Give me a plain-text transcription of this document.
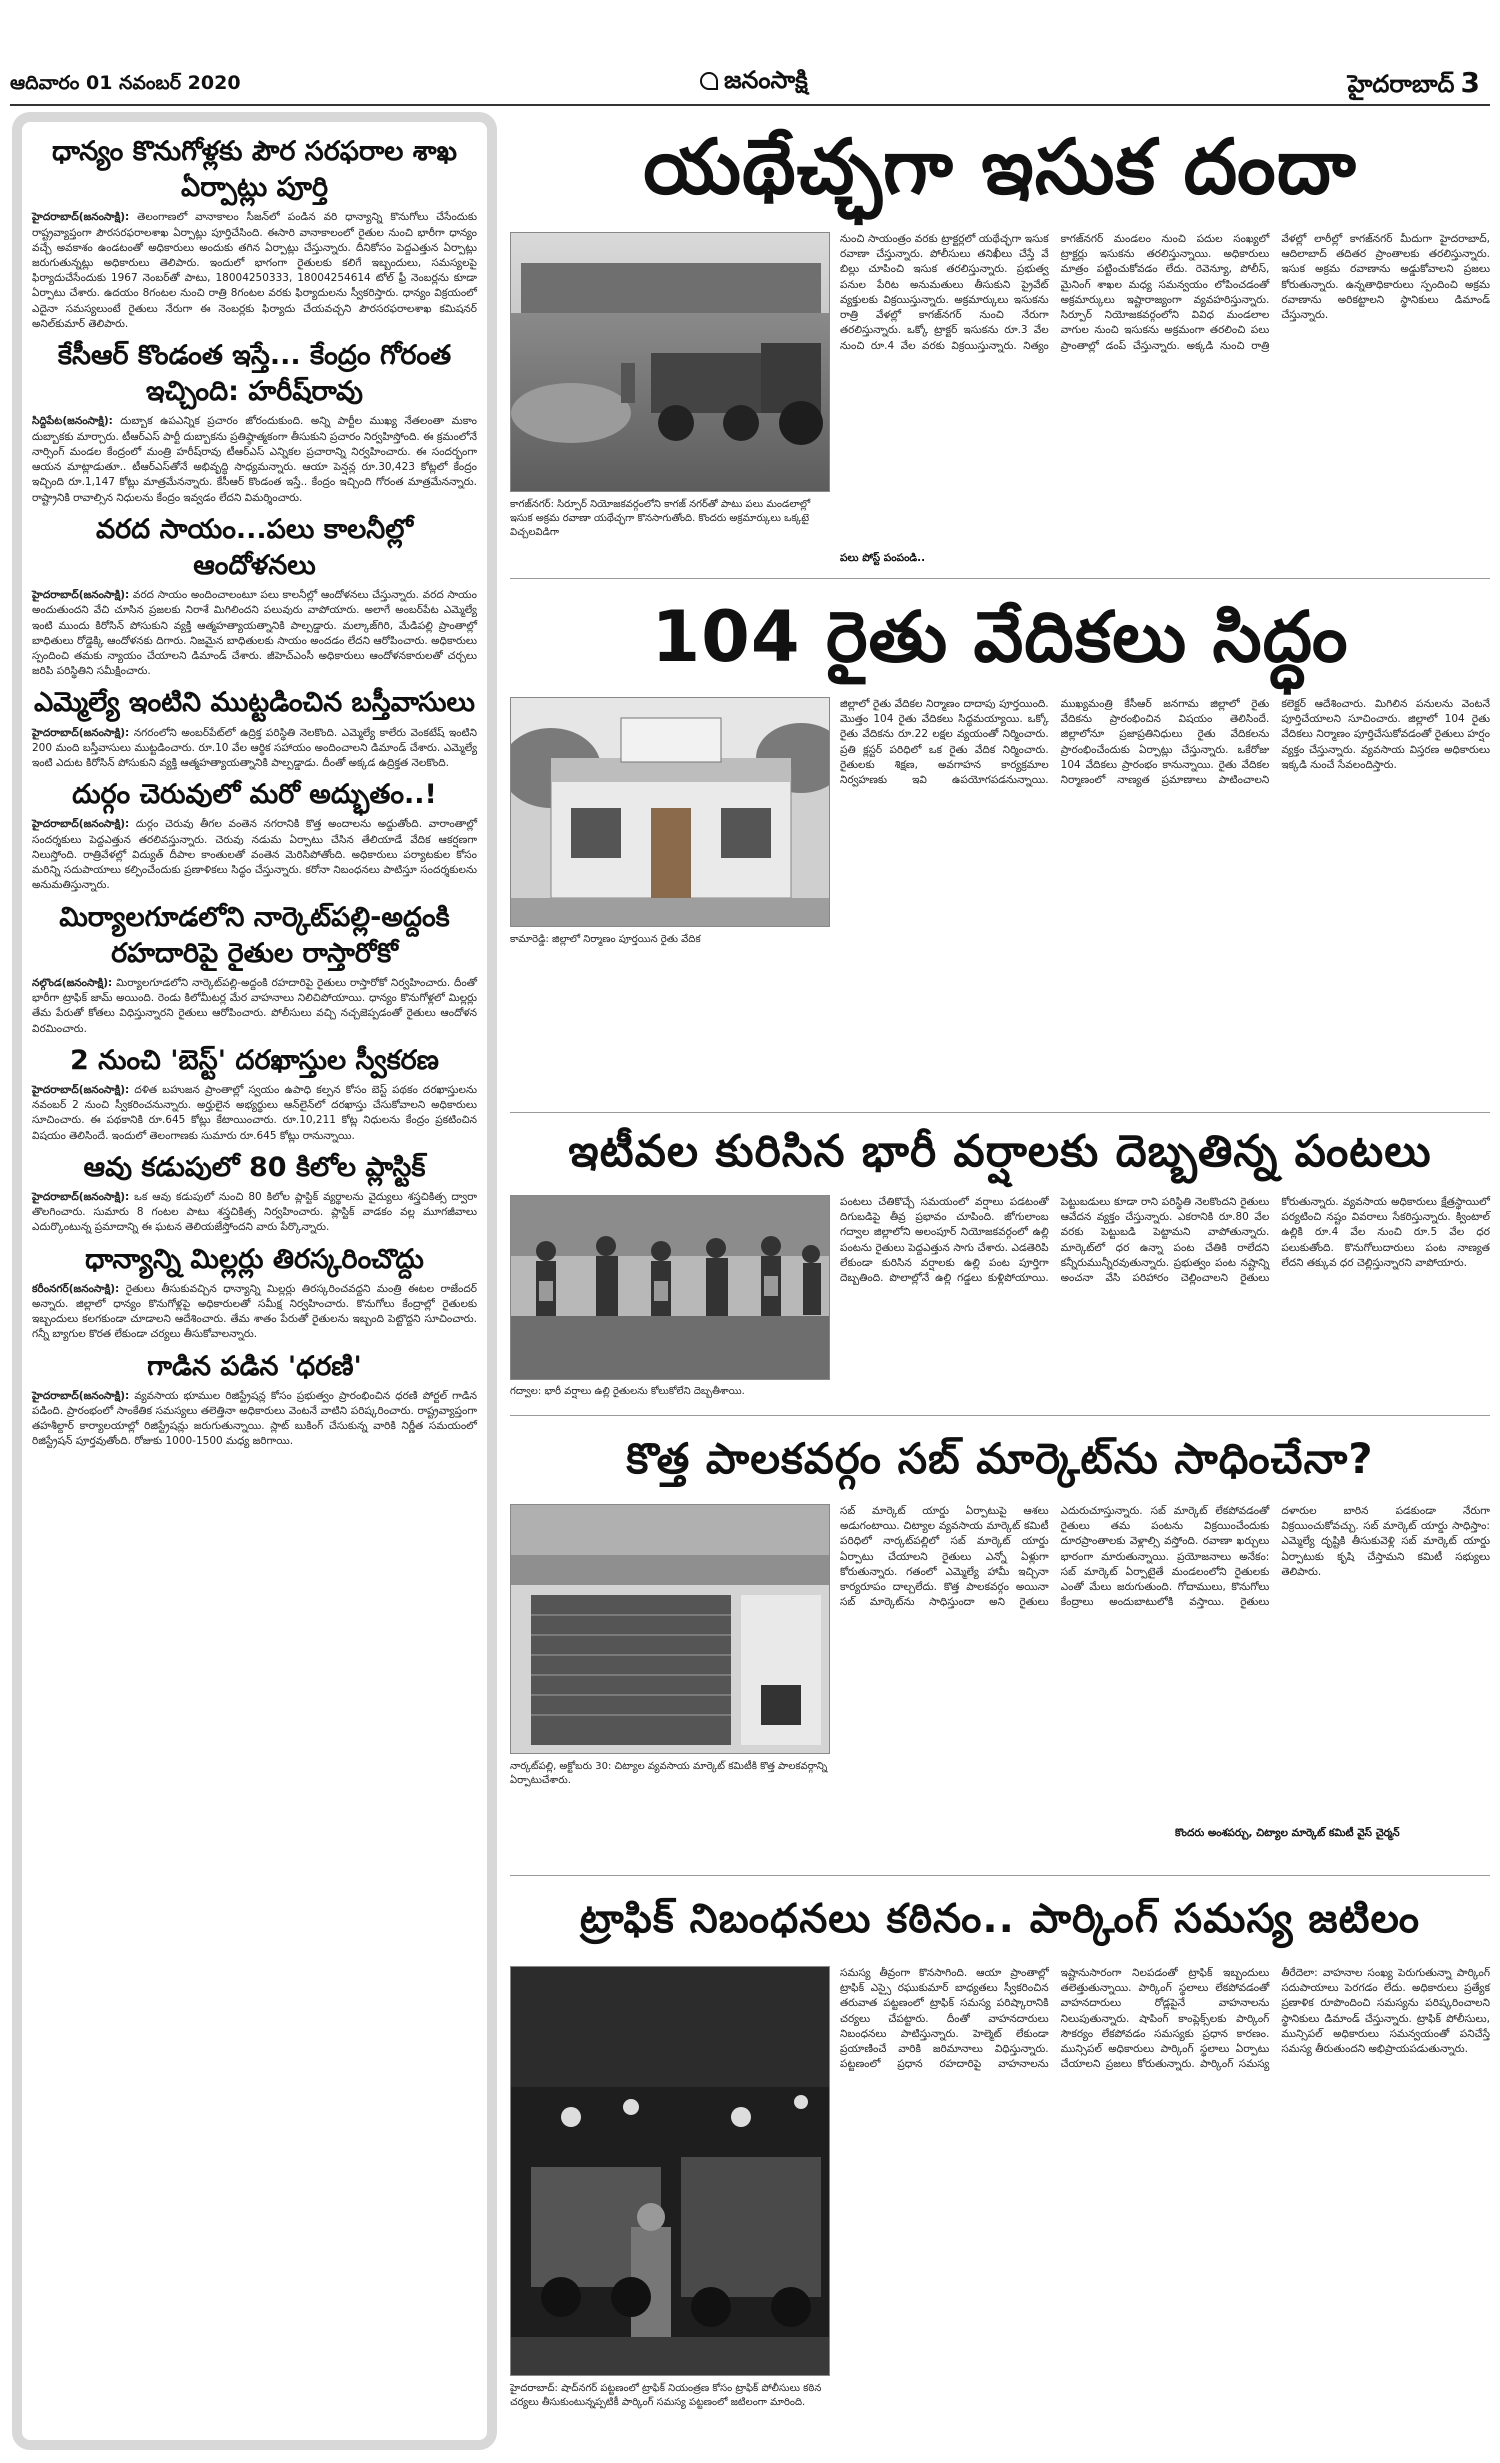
ఆదివారం 01 నవంబర్ 2020	జనంసాక్షి	హైదరాబాద్ 3
ధాన్యం కొనుగోళ్లకు పౌర సరఫరాల శాఖ ఏర్పాట్లు పూర్తి
హైదరాబాద్(జనంసాక్షి): తెలంగాణలో వానాకాలం సీజన్‌లో పండిన వరి ధాన్యాన్ని కొనుగోలు చేసేందుకు రాష్ట్రవ్యాప్తంగా పౌరసరఫరాలశాఖ ఏర్పాట్లు పూర్తిచేసింది. ఈసారి వానాకాలంలో రైతుల నుంచి భారీగా ధాన్యం వచ్చే అవకాశం ఉండటంతో అధికారులు అందుకు తగిన ఏర్పాట్లు చేస్తున్నారు. దీనికోసం పెద్దఎత్తున ఏర్పాట్లు జరుగుతున్నట్లు అధికారులు తెలిపారు. ఇందులో భాగంగా రైతులకు కలిగే ఇబ్బందులు, సమస్యలపై ఫిర్యాదుచేసేందుకు 1967 నెంబర్‌తో పాటు, 18004250333, 18004254614 టోల్ ఫ్రీ నెంబర్లను కూడా ఏర్పాటు చేశారు. ఉదయం 8గంటల నుంచి రాత్రి 8గంటల వరకు ఫిర్యాదులను స్వీకరిస్తారు. ధాన్యం విక్రయంలో ఎదైనా సమస్యలుంటే రైతులు నేరుగా ఈ నెంబర్లకు ఫిర్యాదు చేయవచ్చని పౌరసరఫరాలశాఖ కమిషనర్ అనిల్‌కుమార్ తెలిపారు.
కేసీఆర్ కొండంత ఇస్తే... కేంద్రం గోరంత ఇచ్చింది: హరీష్‌రావు
సిద్దిపేట(జనంసాక్షి): దుబ్బాక ఉపఎన్నిక ప్రచారం జోరందుకుంది. అన్ని పార్టీల ముఖ్య నేతలంతా మకాం దుబ్బాకకు మార్చారు. టీఆర్ఎస్ పార్టీ దుబ్బాకను ప్రతిష్ఠాత్మకంగా తీసుకుని ప్రచారం నిర్వహిస్తోంది. ఈ క్రమంలోనే నార్సింగ్ మండల కేంద్రంలో మంత్రి హరీష్‌రావు టీఆర్ఎస్ ఎన్నికల ప్రచారాన్ని నిర్వహించారు. ఈ సందర్భంగా ఆయన మాట్లాడుతూ.. టీఆర్ఎస్‌తోనే అభివృద్ధి సాధ్యమన్నారు. ఆయా పెన్షన్ల రూ.30,423 కోట్లలో కేంద్రం ఇచ్చింది రూ.1,147 కోట్లు మాత్రమేనన్నారు. కేసీఆర్ కొండంత ఇస్తే.. కేంద్రం ఇచ్చింది గోరంత మాత్రమేనన్నారు. రాష్ట్రానికి రావాల్సిన నిధులను కేంద్రం ఇవ్వడం లేదని విమర్శించారు.
వరద సాయం...పలు కాలనీల్లో ఆందోళనలు
హైదరాబాద్(జనంసాక్షి): వరద సాయం అందించాలంటూ పలు కాలనీల్లో ఆందోళనలు చేస్తున్నారు. వరద సాయం అందుతుందని వేచి చూసిన ప్రజలకు నిరాశే మిగిలిందని పలువురు వాపోయారు. అలాగే అంబర్‌పేట ఎమ్మెల్యే ఇంటి ముందు కిరోసిన్ పోసుకుని వ్యక్తి ఆత్మహత్యాయత్నానికి పాల్పడ్డారు. మల్కాజ్‌గిరి, మేడిపల్లి ప్రాంతాల్లో బాధితులు రోడ్డెక్కి ఆందోళనకు దిగారు. నిజమైన బాధితులకు సాయం అందడం లేదని ఆరోపించారు. అధికారులు స్పందించి తమకు న్యాయం చేయాలని డిమాండ్ చేశారు. జీహెచ్ఎంసీ అధికారులు ఆందోళనకారులతో చర్చలు జరిపి పరిస్థితిని సమీక్షించారు.
ఎమ్మెల్యే ఇంటిని ముట్టడించిన బస్తీవాసులు
హైదరాబాద్(జనంసాక్షి): నగరంలోని అంబర్‌పేట్‌లో ఉద్రిక్త పరిస్థితి నెలకొంది. ఎమ్మెల్యే కాలేరు వెంకటేష్ ఇంటిని 200 మంది బస్తీవాసులు ముట్టడించారు. రూ.10 వేల ఆర్థిక సహాయం అందించాలని డిమాండ్ చేశారు. ఎమ్మెల్యే ఇంటి ఎదుట కిరోసిన్ పోసుకుని వ్యక్తి ఆత్మహత్యాయత్నానికి పాల్పడ్డాడు. దీంతో అక్కడ ఉద్రిక్తత నెలకొంది.
దుర్గం చెరువులో మరో అద్భుతం..!
హైదరాబాద్(జనంసాక్షి): దుర్గం చెరువు తీగల వంతెన నగరానికి కొత్త అందాలను అద్దుతోంది. వారాంతాల్లో సందర్శకులు పెద్దఎత్తున తరలివస్తున్నారు. చెరువు నడుమ ఏర్పాటు చేసిన తేలియాడే వేదిక ఆకర్షణగా నిలుస్తోంది. రాత్రివేళల్లో విద్యుత్ దీపాల కాంతులతో వంతెన మెరిసిపోతోంది. అధికారులు పర్యాటకుల కోసం మరిన్ని సదుపాయాలు కల్పించేందుకు ప్రణాళికలు సిద్ధం చేస్తున్నారు. కరోనా నిబంధనలు పాటిస్తూ సందర్శకులను అనుమతిస్తున్నారు.
మిర్యాలగూడలోని నార్కెట్‌పల్లి-అద్దంకి రహదారిపై రైతుల రాస్తారోకో
నల్గొండ(జనంసాక్షి): మిర్యాలగూడలోని నార్కెట్‌పల్లి-అద్దంకి రహదారిపై రైతులు రాస్తారోకో నిర్వహించారు. దీంతో భారీగా ట్రాఫిక్ జామ్ అయింది. రెండు కిలోమీటర్ల మేర వాహనాలు నిలిచిపోయాయి. ధాన్యం కొనుగోళ్లలో మిల్లర్లు తేమ పేరుతో కోతలు విధిస్తున్నారని రైతులు ఆరోపించారు. పోలీసులు వచ్చి నచ్చజెప్పడంతో రైతులు ఆందోళన విరమించారు.
2 నుంచి 'బెస్ట్' దరఖాస్తుల స్వీకరణ
హైదరాబాద్(జనంసాక్షి): దళిత బహుజన ప్రాంతాల్లో స్వయం ఉపాధి కల్పన కోసం బెస్ట్ పథకం దరఖాస్తులను నవంబర్ 2 నుంచి స్వీకరించనున్నారు. అర్హులైన అభ్యర్థులు ఆన్‌లైన్‌లో దరఖాస్తు చేసుకోవాలని అధికారులు సూచించారు. ఈ పథకానికి రూ.645 కోట్లు కేటాయించారు. రూ.10,211 కోట్ల నిధులను కేంద్రం ప్రకటించిన విషయం తెలిసిందే. ఇందులో తెలంగాణకు సుమారు రూ.645 కోట్లు రానున్నాయి.
ఆవు కడుపులో 80 కిలోల ప్లాస్టిక్
హైదరాబాద్(జనంసాక్షి): ఒక ఆవు కడుపులో నుంచి 80 కిలోల ప్లాస్టిక్ వ్యర్థాలను వైద్యులు శస్త్రచికిత్స ద్వారా తొలగించారు. సుమారు 8 గంటల పాటు శస్త్రచికిత్స నిర్వహించారు. ప్లాస్టిక్ వాడకం వల్ల మూగజీవాలు ఎదుర్కొంటున్న ప్రమాదాన్ని ఈ ఘటన తెలియజేస్తోందని వారు పేర్కొన్నారు.
ధాన్యాన్ని మిల్లర్లు తిరస్కరించొద్దు
కరీంనగర్(జనంసాక్షి): రైతులు తీసుకువచ్చిన ధాన్యాన్ని మిల్లర్లు తిరస్కరించవద్దని మంత్రి ఈటల రాజేందర్ అన్నారు. జిల్లాలో ధాన్యం కొనుగోళ్లపై అధికారులతో సమీక్ష నిర్వహించారు. కొనుగోలు కేంద్రాల్లో రైతులకు ఇబ్బందులు కలగకుండా చూడాలని ఆదేశించారు. తేమ శాతం పేరుతో రైతులను ఇబ్బంది పెట్టొద్దని సూచించారు. గన్నీ బ్యాగుల కొరత లేకుండా చర్యలు తీసుకోవాలన్నారు.
గాడిన పడిన 'ధరణి'
హైదరాబాద్(జనంసాక్షి): వ్యవసాయ భూముల రిజిస్ట్రేషన్ల కోసం ప్రభుత్వం ప్రారంభించిన ధరణి పోర్టల్ గాడిన పడింది. ప్రారంభంలో సాంకేతిక సమస్యలు తలెత్తినా అధికారులు వెంటనే వాటిని పరిష్కరించారు. రాష్ట్రవ్యాప్తంగా తహశీల్దార్ కార్యాలయాల్లో రిజిస్ట్రేషన్లు జరుగుతున్నాయి. స్లాట్ బుకింగ్ చేసుకున్న వారికి నిర్ణీత సమయంలో రిజిస్ట్రేషన్ పూర్తవుతోంది. రోజుకు 1000-1500 మధ్య జరిగాయి.
యథేచ్ఛగా ఇసుక దందా
కాగజ్‌నగర్: సిర్పూర్ నియోజకవర్గంలోని కాగజ్ నగర్‌తో పాటు పలు మండలాల్లో ఇసుక అక్రమ రవాణా యథేచ్ఛగా కొనసాగుతోంది. కొందరు అక్రమార్కులు ఒక్కటై విచ్చలవిడిగా
పలు పోస్ట్ పంపండి..
నుంచి సాయంత్రం వరకు ట్రాక్టర్లలో యథేచ్ఛగా ఇసుక రవాణా చేస్తున్నారు. పోలీసులు తనిఖీలు చేస్తే వే బిల్లు చూపించి ఇసుక తరలిస్తున్నారు. ప్రభుత్వ పనుల పేరిట అనుమతులు తీసుకుని ప్రైవేట్ వ్యక్తులకు విక్రయిస్తున్నారు. అక్రమార్కులు ఇసుకను రాత్రి వేళల్లో కాగజ్‌నగర్ నుంచి నేరుగా తరలిస్తున్నారు. ఒక్కో ట్రాక్టర్ ఇసుకను రూ.3 వేల నుంచి రూ.4 వేల వరకు విక్రయిస్తున్నారు. నిత్యం కాగజ్‌నగర్ మండలం నుంచి పదుల సంఖ్యలో ట్రాక్టర్లు ఇసుకను తరలిస్తున్నాయి. అధికారులు మాత్రం పట్టించుకోవడం లేదు. రెవెన్యూ, పోలీస్, మైనింగ్ శాఖల మధ్య సమన్వయం లోపించడంతో అక్రమార్కులు ఇష్టారాజ్యంగా వ్యవహరిస్తున్నారు. సిర్పూర్ నియోజకవర్గంలోని వివిధ మండలాల వాగుల నుంచి ఇసుకను అక్రమంగా తరలించి పలు ప్రాంతాల్లో డంప్ చేస్తున్నారు. అక్కడి నుంచి రాత్రి వేళల్లో లారీల్లో కాగజ్‌నగర్ మీదుగా హైదరాబాద్, ఆదిలాబాద్ తదితర ప్రాంతాలకు తరలిస్తున్నారు. ఇసుక అక్రమ రవాణాను అడ్డుకోవాలని ప్రజలు కోరుతున్నారు. ఉన్నతాధికారులు స్పందించి అక్రమ రవాణాను అరికట్టాలని స్థానికులు డిమాండ్ చేస్తున్నారు.
104 రైతు వేదికలు సిద్ధం
కామారెడ్డి: జిల్లాలో నిర్మాణం పూర్తయిన రైతు వేదిక
జిల్లాలో రైతు వేదికల నిర్మాణం దాదాపు పూర్తయింది. మొత్తం 104 రైతు వేదికలు సిద్ధమయ్యాయి. ఒక్కో రైతు వేదికను రూ.22 లక్షల వ్యయంతో నిర్మించారు. ప్రతి క్లస్టర్ పరిధిలో ఒక రైతు వేదిక నిర్మించారు. రైతులకు శిక్షణ, అవగాహన కార్యక్రమాల నిర్వహణకు ఇవి ఉపయోగపడనున్నాయి. ముఖ్యమంత్రి కేసీఆర్ జనగామ జిల్లాలో రైతు వేదికను ప్రారంభించిన విషయం తెలిసిందే. జిల్లాలోనూ ప్రజాప్రతినిధులు రైతు వేదికలను ప్రారంభించేందుకు ఏర్పాట్లు చేస్తున్నారు. ఒకేరోజు 104 వేదికలు ప్రారంభం కానున్నాయి. రైతు వేదికల నిర్మాణంలో నాణ్యత ప్రమాణాలు పాటించాలని కలెక్టర్ ఆదేశించారు. మిగిలిన పనులను వెంటనే పూర్తిచేయాలని సూచించారు. జిల్లాలో 104 రైతు వేదికలు నిర్మాణం పూర్తిచేసుకోవడంతో రైతులు హర్షం వ్యక్తం చేస్తున్నారు. వ్యవసాయ విస్తరణ అధికారులు ఇక్కడి నుంచే సేవలందిస్తారు.
ఇటీవల కురిసిన భారీ వర్షాలకు దెబ్బతిన్న పంటలు
గద్వాల: భారీ వర్షాలు ఉల్లి రైతులను కోలుకోలేని దెబ్బతీశాయి.
పంటలు చేతికొచ్చే సమయంలో వర్షాలు పడటంతో దిగుబడిపై తీవ్ర ప్రభావం చూపింది. జోగులాంబ గద్వాల జిల్లాలోని అలంపూర్ నియోజకవర్గంలో ఉల్లి పంటను రైతులు పెద్దఎత్తున సాగు చేశారు. ఎడతెరిపి లేకుండా కురిసిన వర్షాలకు ఉల్లి పంట పూర్తిగా దెబ్బతింది. పొలాల్లోనే ఉల్లి గడ్డలు కుళ్లిపోయాయి. పెట్టుబడులు కూడా రాని పరిస్థితి నెలకొందని రైతులు ఆవేదన వ్యక్తం చేస్తున్నారు. ఎకరానికి రూ.80 వేల వరకు పెట్టుబడి పెట్టామని వాపోతున్నారు. మార్కెట్‌లో ధర ఉన్నా పంట చేతికి రాలేదని కన్నీరుమున్నీరవుతున్నారు. ప్రభుత్వం పంట నష్టాన్ని అంచనా వేసి పరిహారం చెల్లించాలని రైతులు కోరుతున్నారు. వ్యవసాయ అధికారులు క్షేత్రస్థాయిలో పర్యటించి నష్టం వివరాలు సేకరిస్తున్నారు. క్వింటాల్ ఉల్లికి రూ.4 వేల నుంచి రూ.5 వేల ధర పలుకుతోంది. కొనుగోలుదారులు పంట నాణ్యత లేదని తక్కువ ధర చెల్లిస్తున్నారని వాపోయారు.
కొత్త పాలకవర్గం సబ్ మార్కెట్‌ను సాధించేనా?
నార్కట్‌పల్లి, అక్టోబరు 30: చిట్యాల వ్యవసాయ మార్కెట్ కమిటీకి కొత్త పాలకవర్గాన్ని ఏర్పాటుచేశారు.
కొందరు అంశపర్చు, చిట్యాల మార్కెట్ కమిటీ వైస్ చైర్మన్
సబ్ మార్కెట్ యార్డు ఏర్పాటుపై ఆశలు అడుగంటాయి. చిట్యాల వ్యవసాయ మార్కెట్ కమిటీ పరిధిలో నార్కట్‌పల్లిలో సబ్ మార్కెట్ యార్డు ఏర్పాటు చేయాలని రైతులు ఎన్నో ఏళ్లుగా కోరుతున్నారు. గతంలో ఎమ్మెల్యే హామీ ఇచ్చినా కార్యరూపం దాల్చలేదు. కొత్త పాలకవర్గం అయినా సబ్ మార్కెట్‌ను సాధిస్తుందా అని రైతులు ఎదురుచూస్తున్నారు. సబ్ మార్కెట్ లేకపోవడంతో రైతులు తమ పంటను విక్రయించేందుకు దూరప్రాంతాలకు వెళ్లాల్సి వస్తోంది. రవాణా ఖర్చులు భారంగా మారుతున్నాయి. ప్రయోజనాలు అనేకం: సబ్ మార్కెట్ ఏర్పాటైతే మండలంలోని రైతులకు ఎంతో మేలు జరుగుతుంది. గోదాములు, కొనుగోలు కేంద్రాలు అందుబాటులోకి వస్తాయి. రైతులు దళారుల బారిన పడకుండా నేరుగా విక్రయించుకోవచ్చు. సబ్ మార్కెట్ యార్డు సాధిస్తాం: ఎమ్మెల్యే దృష్టికి తీసుకువెళ్లి సబ్ మార్కెట్ యార్డు ఏర్పాటుకు కృషి చేస్తామని కమిటీ సభ్యులు తెలిపారు.
ట్రాఫిక్ నిబంధనలు కఠినం.. పార్కింగ్ సమస్య జటిలం
హైదరాబాద్: షాద్‌నగర్ పట్టణంలో ట్రాఫిక్ నియంత్రణ కోసం ట్రాఫిక్ పోలీసులు కఠిన చర్యలు తీసుకుంటున్నప్పటికీ పార్కింగ్ సమస్య పట్టణంలో జటిలంగా మారింది.
సమస్య తీవ్రంగా కొనసాగింది. ఆయా ప్రాంతాల్లో ట్రాఫిక్ ఎస్సై రఘుకుమార్ బాధ్యతలు స్వీకరించిన తరువాత పట్టణంలో ట్రాఫిక్ సమస్య పరిష్కారానికి చర్యలు చేపట్టారు. దీంతో వాహనదారులు నిబంధనలు పాటిస్తున్నారు. హెల్మెట్ లేకుండా ప్రయాణించే వారికి జరిమానాలు విధిస్తున్నారు. పట్టణంలో ప్రధాన రహదారిపై వాహనాలను ఇష్టానుసారంగా నిలపడంతో ట్రాఫిక్ ఇబ్బందులు తలెత్తుతున్నాయి. పార్కింగ్ స్థలాలు లేకపోవడంతో వాహనదారులు రోడ్లపైనే వాహనాలను నిలుపుతున్నారు. షాపింగ్ కాంప్లెక్స్‌లకు పార్కింగ్ సౌకర్యం లేకపోవడం సమస్యకు ప్రధాన కారణం. మున్సిపల్ అధికారులు పార్కింగ్ స్థలాలు ఏర్పాటు చేయాలని ప్రజలు కోరుతున్నారు. పార్కింగ్ సమస్య తీరేదెలా: వాహనాల సంఖ్య పెరుగుతున్నా పార్కింగ్ సదుపాయాలు పెరగడం లేదు. అధికారులు ప్రత్యేక ప్రణాళిక రూపొందించి సమస్యను పరిష్కరించాలని స్థానికులు డిమాండ్ చేస్తున్నారు. ట్రాఫిక్ పోలీసులు, మున్సిపల్ అధికారులు సమన్వయంతో పనిచేస్తే సమస్య తీరుతుందని అభిప్రాయపడుతున్నారు.
